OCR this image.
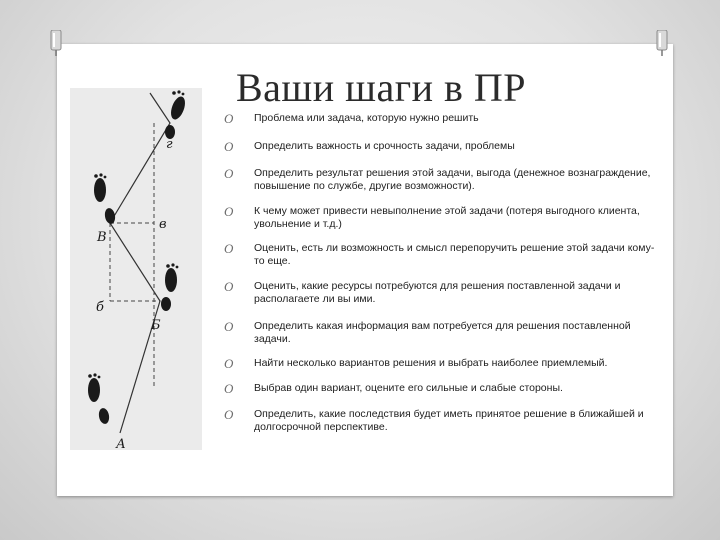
Ваши шаги в ПР
г
в
В
б
Б
А
O Проблема или задача, которую нужно решить
O Определить важность и срочность задачи, проблемы
O Определить результат решения этой задачи, выгода (денежное вознаграждение, повышение по службе, другие возможности).
O К чему может привести невыполнение этой задачи (потеря выгодного клиента, увольнение и т.д.)
O Оценить, есть ли возможность и смысл перепоручить решение этой задачи кому-то еще.
O Оценить, какие ресурсы потребуются для решения поставленной задачи и располагаете ли вы ими.
O Определить какая информация вам потребуется для решения поставленной задачи.
O Найти несколько вариантов решения и выбрать наиболее приемлемый.
O Выбрав один вариант, оцените его сильные и слабые стороны.
O Определить, какие последствия будет иметь принятое решение в ближайшей и долгосрочной перспективе.
